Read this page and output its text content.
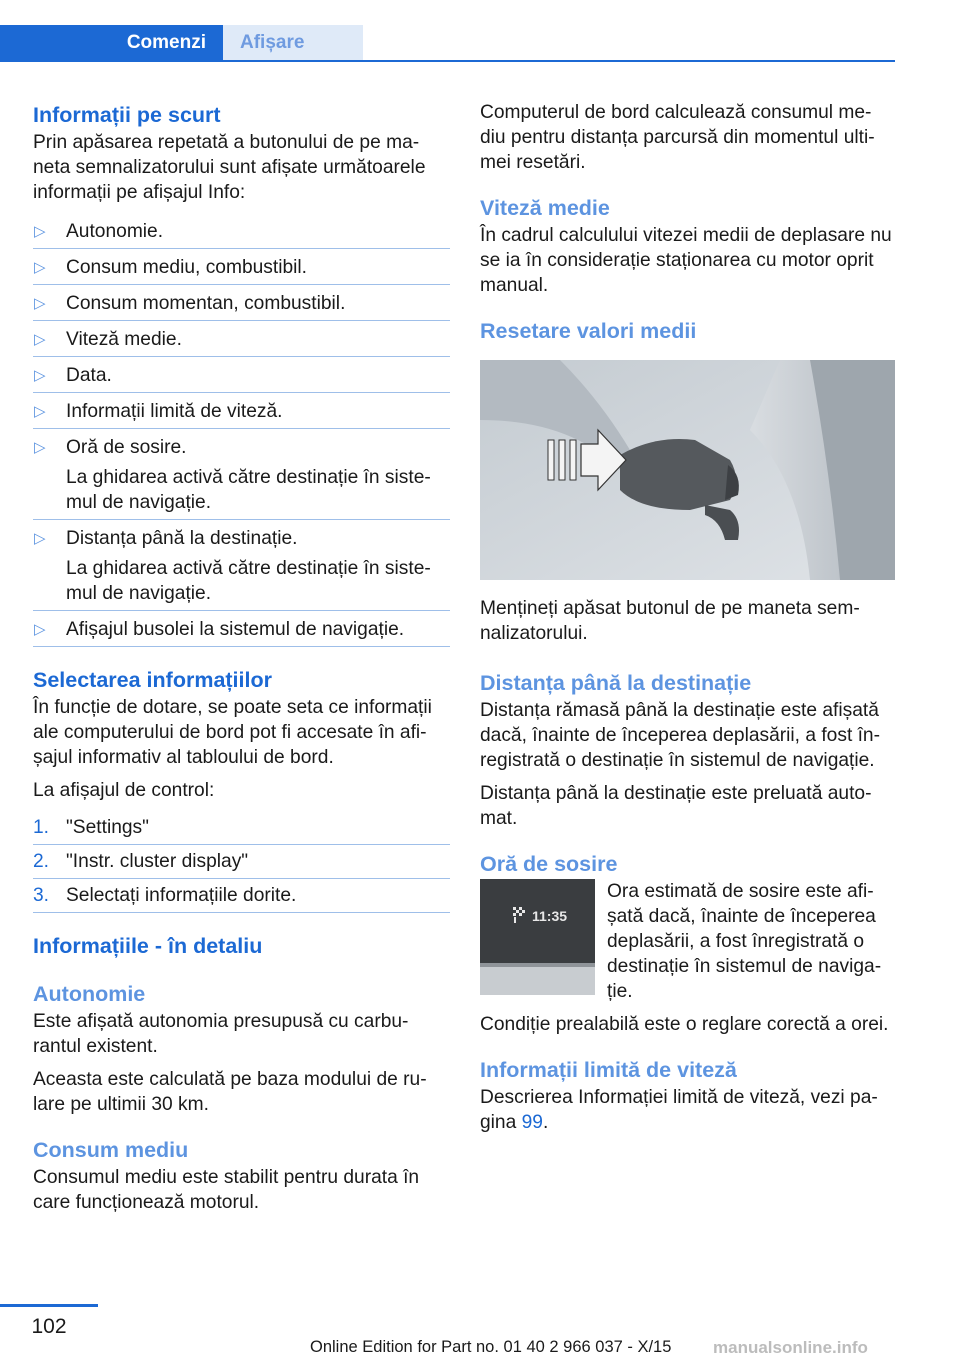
Comenzi	Afișare
Informații pe scurt

Prin apăsarea repetată a butonului de pe ma-neta semnalizatorului sunt afișate următoarele informații pe afișajul Info:

▷ Autonomie.
▷ Consum mediu, combustibil.
▷ Consum momentan, combustibil.
▷ Viteză medie.
▷ Data.
▷ Informații limită de viteză.
▷ Oră de sosire.
La ghidarea activă către destinație în siste-mul de navigație.
▷ Distanța până la destinație.
La ghidarea activă către destinație în siste-mul de navigație.
▷ Afișajul busolei la sistemul de navigație.
Selectarea informațiilor

În funcție de dotare, se poate seta ce informații ale computerului de bord pot fi accesate în afi-șajul informativ al tabloului de bord.

La afișajul de control:

1. "Settings"
2. "Instr. cluster display"
3. Selectați informațiile dorite.
Informațiile - în detaliu
Autonomie

Este afișată autonomia presupusă cu carbu-rantul existent.

Aceasta este calculată pe baza modului de ru-lare pe ultimii 30 km.

Consum mediu

Consumul mediu este stabilit pentru durata în care funcționează motorul.

Computerul de bord calculează consumul me-diu pentru distanța parcursă din momentul ulti-mei resetări.

Viteză medie

În cadrul calculului vitezei medii de deplasare nu se ia în considerație staționarea cu motor oprit manual.

Resetare valori medii

Mențineți apăsat butonul de pe maneta sem-nalizatorului.

Distanța până la destinație

Distanța rămasă până la destinație este afișată dacă, înainte de începerea deplasării, a fost în-registrată o destinație în sistemul de navigație.

Distanța până la destinație este preluată auto-mat.

Oră de sosire
11:35

Ora estimată de sosire este afi-șată dacă, înainte de începerea deplasării, a fost înregistrată o destinație în sistemul de naviga-ție.

Condiție prealabilă este o reglare corectă a orei.

Informații limită de viteză

Descrierea Informației limită de viteză, vezi pa-gina 99.

102
Online Edition for Part no. 01 40 2 966 037 - X/15 manualsonline.info
